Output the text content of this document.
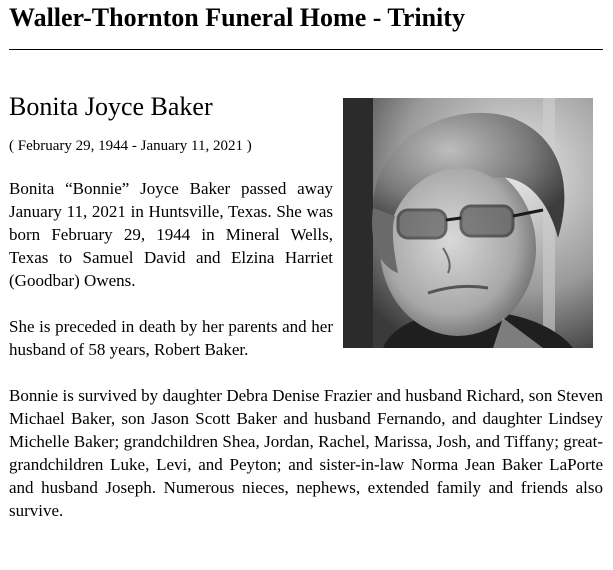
Waller-Thornton Funeral Home - Trinity
Bonita Joyce Baker
( February 29, 1944 - January 11, 2021 )

Bonita “Bonnie” Joyce Baker passed away January 11, 2021 in Huntsville, Texas. She was born February 29, 1944 in Mineral Wells, Texas to Samuel David and Elzina Harriet (Goodbar) Owens.

She is preceded in death by her parents and her husband of 58 years, Robert Baker.

Bonnie is survived by daughter Debra Denise Frazier and husband Richard, son Steven Michael Baker, son Jason Scott Baker and husband Fernando, and daughter Lindsey Michelle Baker; grandchildren Shea, Jordan, Rachel, Marissa, Josh, and Tiffany; great-grandchildren Luke, Levi, and Peyton; and sister-in-law Norma Jean Baker LaPorte and husband Joseph. Numerous nieces, nephews, extended family and friends also survive.
